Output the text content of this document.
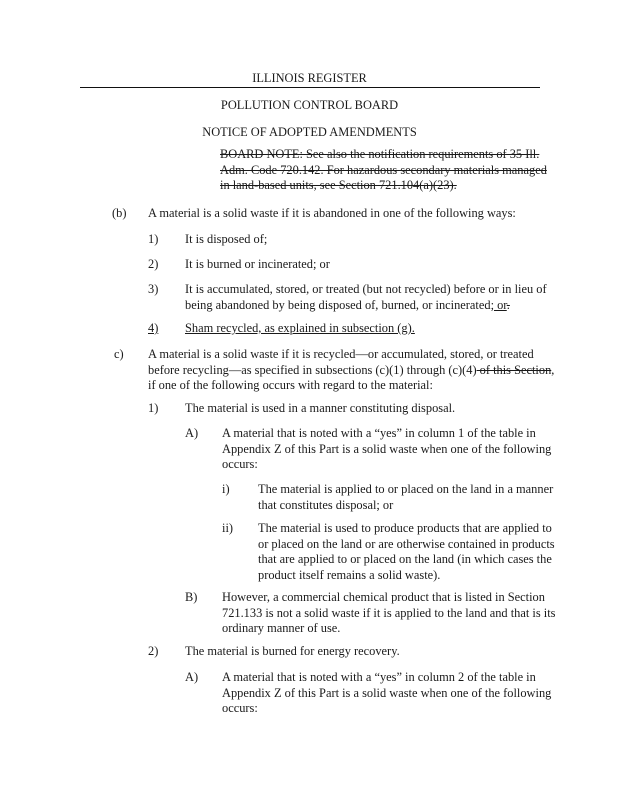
ILLINOIS REGISTER
POLLUTION CONTROL BOARD
NOTICE OF ADOPTED AMENDMENTS
BOARD NOTE: See also the notification requirements of 35 Ill.
Adm. Code 720.142. For hazardous secondary materials managed
in land-based units, see Section 721.104(a)(23).
(b) A material is a solid waste if it is abandoned in one of the following ways:
1) It is disposed of;
2) It is burned or incinerated; or
3) It is accumulated, stored, or treated (but not recycled) before or in lieu of
being abandoned by being disposed of, burned, or incinerated; or.
4) Sham recycled, as explained in subsection (g).
c) A material is a solid waste if it is recycled—or accumulated, stored, or treated
before recycling—as specified in subsections (c)(1) through (c)(4) of this Section,
if one of the following occurs with regard to the material:
1) The material is used in a manner constituting disposal.
A) A material that is noted with a “yes” in column 1 of the table in
Appendix Z of this Part is a solid waste when one of the following
occurs:
i) The material is applied to or placed on the land in a manner
that constitutes disposal; or
ii) The material is used to produce products that are applied to
or placed on the land or are otherwise contained in products
that are applied to or placed on the land (in which cases the
product itself remains a solid waste).
B) However, a commercial chemical product that is listed in Section
721.133 is not a solid waste if it is applied to the land and that is its
ordinary manner of use.
2) The material is burned for energy recovery.
A) A material that is noted with a “yes” in column 2 of the table in
Appendix Z of this Part is a solid waste when one of the following
occurs:
